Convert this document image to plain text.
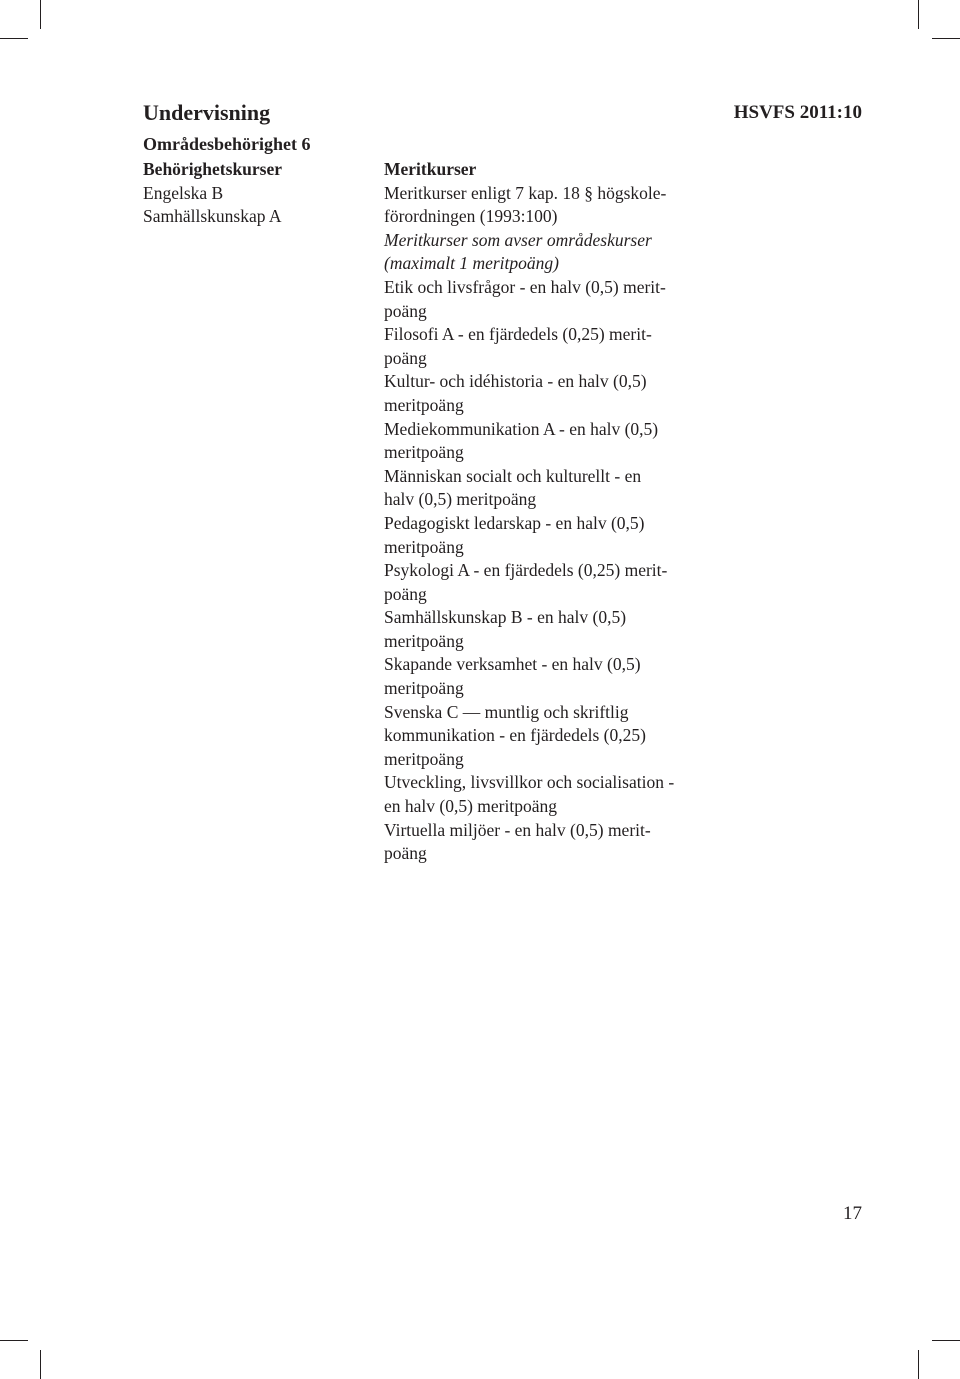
Undervisning	HSVFS 2011:10
Områdesbehörighet 6
Behörighetskurser
Engelska B
Samhällskunskap A
Meritkurser
Meritkurser enligt 7 kap. 18 § högskole-
förordningen (1993:100)
Meritkurser som avser områdeskurser
(maximalt 1 meritpoäng)
Etik och livsfrågor - en halv (0,5) merit-
poäng
Filosofi A - en fjärdedels (0,25) merit-
poäng
Kultur- och idéhistoria - en halv (0,5)
meritpoäng
Mediekommunikation A - en halv (0,5)
meritpoäng
Människan socialt och kulturellt - en
halv (0,5) meritpoäng
Pedagogiskt ledarskap - en halv (0,5)
meritpoäng
Psykologi A - en fjärdedels (0,25) merit-
poäng
Samhällskunskap B - en halv (0,5)
meritpoäng
Skapande verksamhet - en halv (0,5)
meritpoäng
Svenska C — muntlig och skriftlig
kommunikation - en fjärdedels (0,25)
meritpoäng
Utveckling, livsvillkor och socialisation -
en halv (0,5) meritpoäng
Virtuella miljöer - en halv (0,5) merit-
poäng
17
